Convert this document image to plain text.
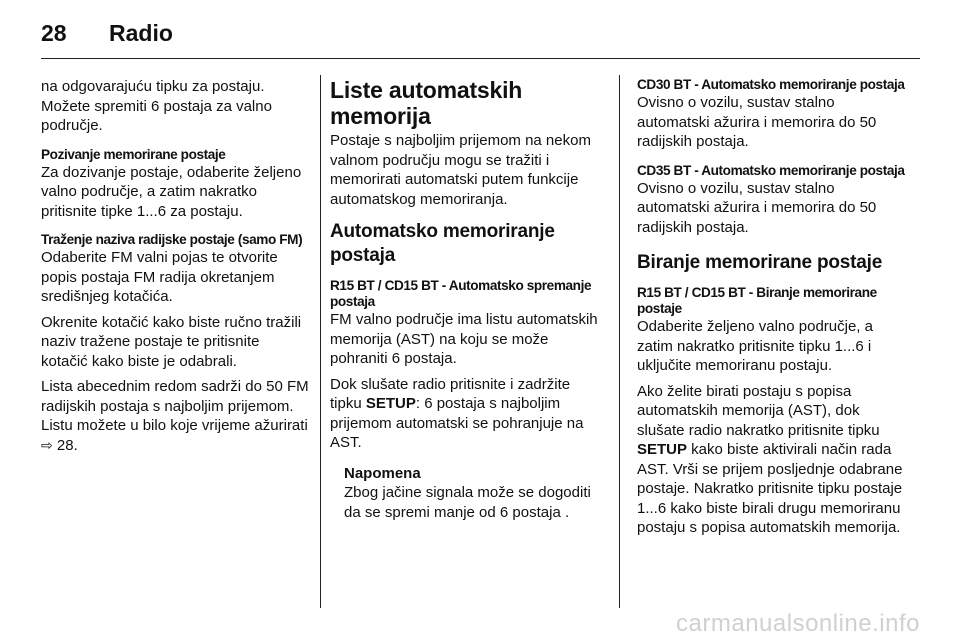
28 Radio

na odgovarajuću tipku za postaju. Možete spremiti 6 postaja za valno područje.

Pozivanje memorirane postaje

Za dozivanje postaje, odaberite željeno valno područje, a zatim nakratko pritisnite tipke 1...6 za postaju.

Traženje naziva radijske postaje (samo FM)

Odaberite FM valni pojas te otvorite popis postaja FM radija okretanjem središnjeg kotačića.

Okrenite kotačić kako biste ručno tražili naziv tražene postaje te pritisnite kotačić kako biste je odabrali.

Lista abecednim redom sadrži do 50 FM radijskih postaja s najboljim prijemom. Listu možete u bilo koje vrijeme ažurirati ⇨ 28.

Liste automatskih memorija

Postaje s najboljim prijemom na nekom valnom području mogu se tražiti i memorirati automatski putem funkcije automatskog memoriranja.

Automatsko memoriranje postaja
R15 BT / CD15 BT - Automatsko spremanje postaja

FM valno područje ima listu automatskih memorija (AST) na koju se može pohraniti 6 postaja.

Dok slušate radio pritisnite i zadržite tipku SETUP: 6 postaja s najboljim prijemom automatski se pohranjuje na AST.

Napomena

Zbog jačine signala može se dogoditi da se spremi manje od 6 postaja .

CD30 BT - Automatsko memoriranje postaja

Ovisno o vozilu, sustav stalno automatski ažurira i memorira do 50 radijskih postaja.

CD35 BT - Automatsko memoriranje postaja

Ovisno o vozilu, sustav stalno automatski ažurira i memorira do 50 radijskih postaja.

Biranje memorirane postaje
R15 BT / CD15 BT - Biranje memorirane postaje

Odaberite željeno valno područje, a zatim nakratko pritisnite tipku 1...6 i uključite memoriranu postaju.

Ako želite birati postaju s popisa automatskih memorija (AST), dok slušate radio nakratko pritisnite tipku SETUP kako biste aktivirali način rada AST. Vrši se prijem posljednje odabrane postaje. Nakratko pritisnite tipku postaje 1...6 kako biste birali drugu memoriranu postaju s popisa automatskih memorija.

carmanualsonline.info
